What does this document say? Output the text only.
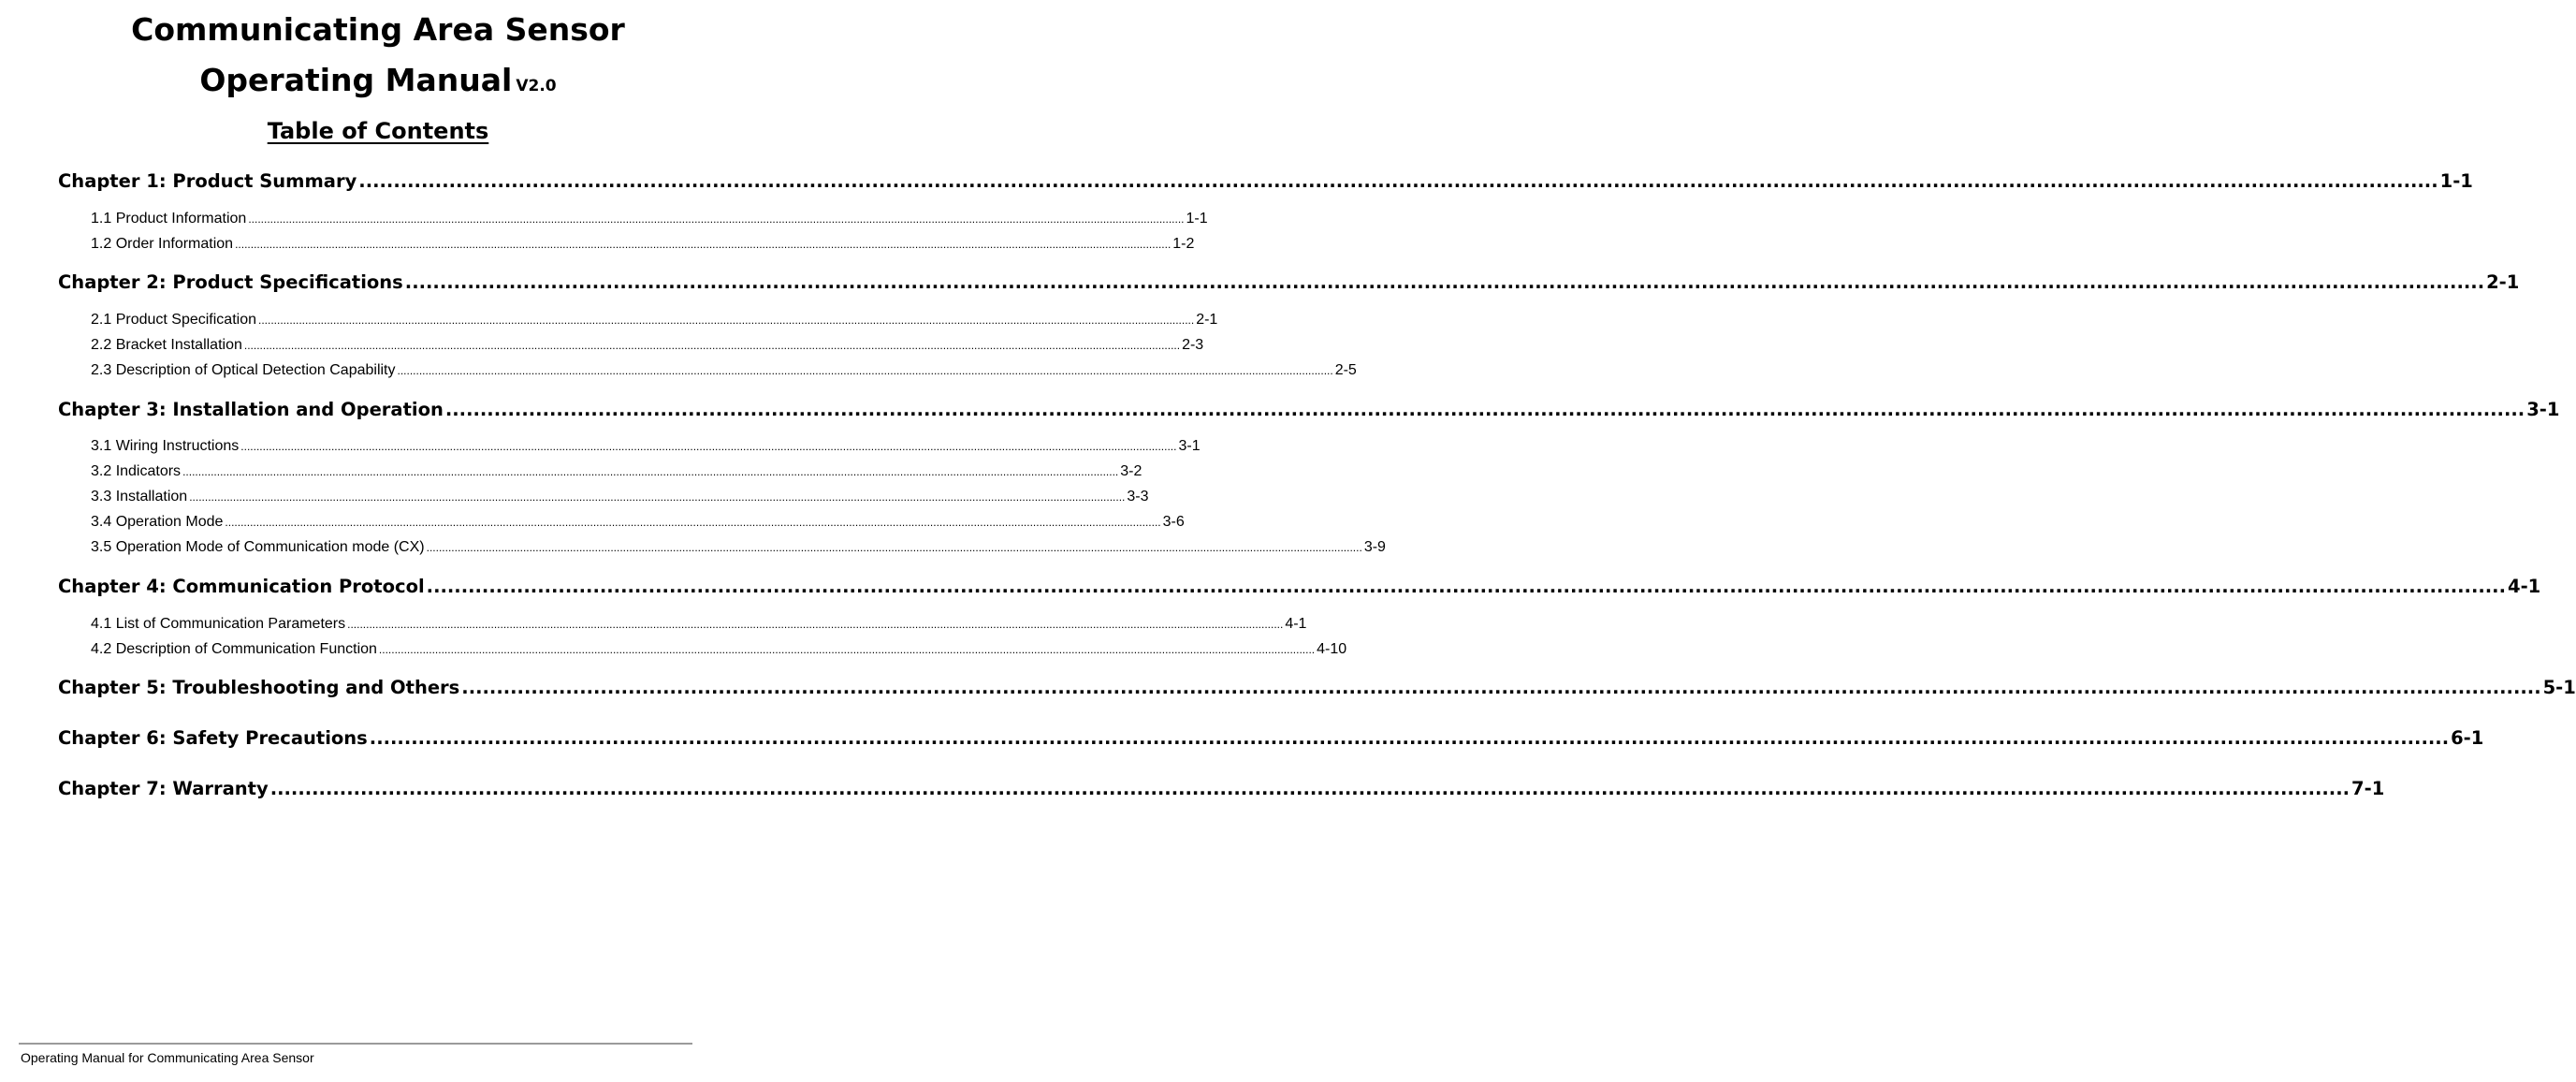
Communicating Area Sensor
Operating Manual V2.0
Table of Contents
Chapter 1: Product Summary ............................................................................................................................................................................................................................................................................................................ 1-1
1.1 Product Information ............................................................................................................................................................................................................................................................................................................ 1-1
1.2 Order Information ............................................................................................................................................................................................................................................................................................................ 1-2
Chapter 2: Product Specifications ............................................................................................................................................................................................................................................................................................................ 2-1
2.1 Product Specification ............................................................................................................................................................................................................................................................................................................ 2-1
2.2 Bracket Installation ............................................................................................................................................................................................................................................................................................................ 2-3
2.3 Description of Optical Detection Capability ............................................................................................................................................................................................................................................................................................................ 2-5
Chapter 3: Installation and Operation ............................................................................................................................................................................................................................................................................................................ 3-1
3.1 Wiring Instructions ............................................................................................................................................................................................................................................................................................................ 3-1
3.2 Indicators ............................................................................................................................................................................................................................................................................................................ 3-2
3.3 Installation ............................................................................................................................................................................................................................................................................................................ 3-3
3.4 Operation Mode ............................................................................................................................................................................................................................................................................................................ 3-6
3.5 Operation Mode of Communication mode (CX) ............................................................................................................................................................................................................................................................................................................ 3-9
Chapter 4: Communication Protocol ............................................................................................................................................................................................................................................................................................................ 4-1
4.1 List of Communication Parameters ............................................................................................................................................................................................................................................................................................................ 4-1
4.2 Description of Communication Function ............................................................................................................................................................................................................................................................................................................ 4-10
Chapter 5: Troubleshooting and Others ............................................................................................................................................................................................................................................................................................................ 5-1
Chapter 6: Safety Precautions ............................................................................................................................................................................................................................................................................................................ 6-1
Chapter 7: Warranty ............................................................................................................................................................................................................................................................................................................ 7-1
Operating Manual for Communicating Area Sensor
